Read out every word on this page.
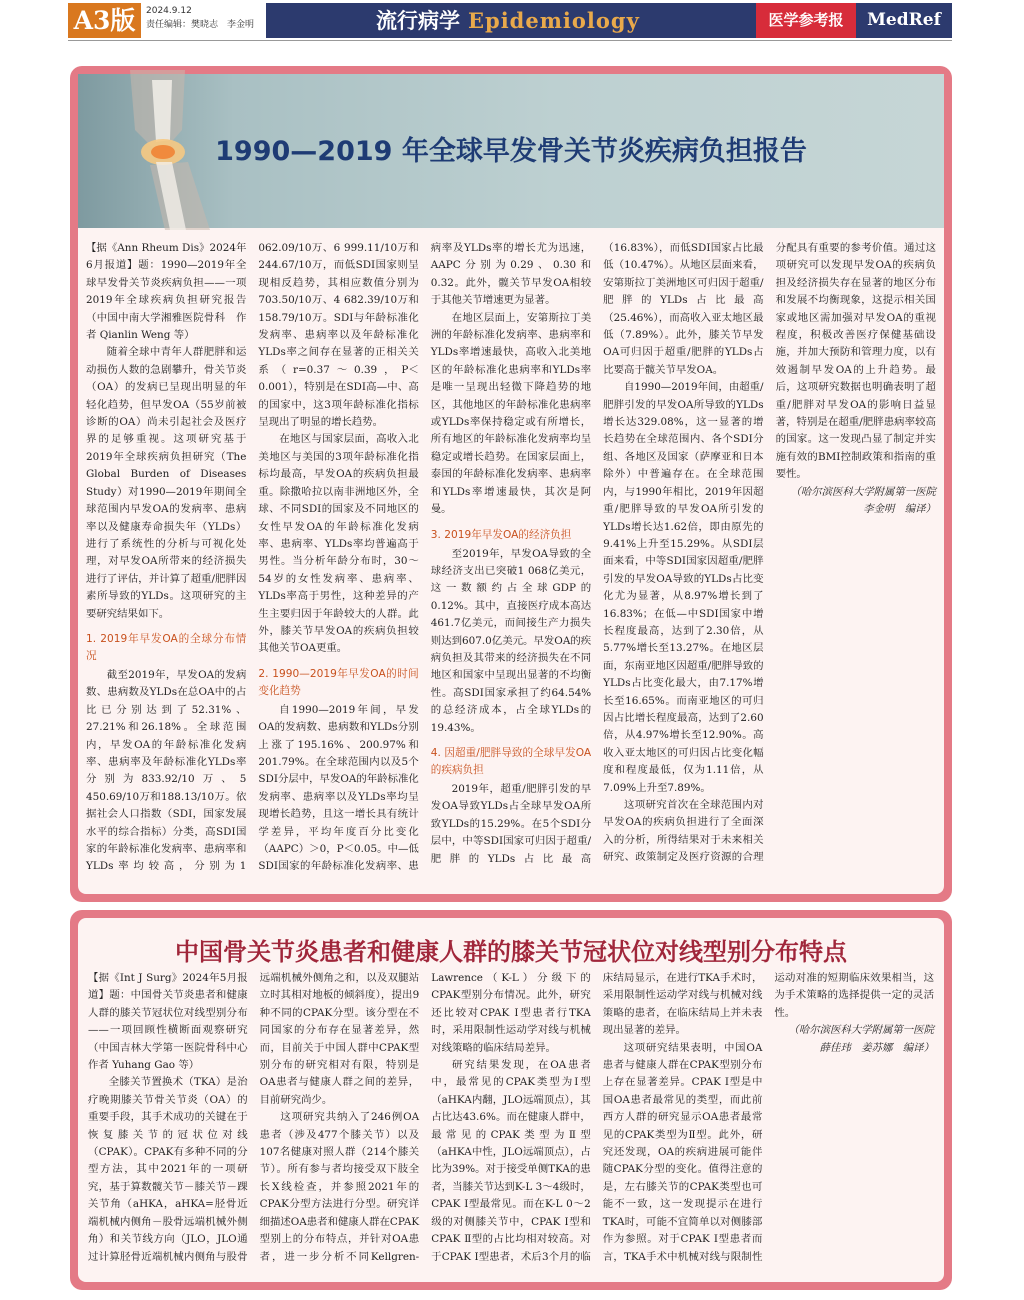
A3版	2024.9.12
责任编辑：樊晓志　李金明	流行病学 Epidemiology	医学参考报	MedRef
1990—2019 年全球早发骨关节炎疾病负担报告

【据《Ann Rheum Dis》2024年6月报道】题：1990—2019年全球早发骨关节炎疾病负担——一项2019年全球疾病负担研究报告（中国中南大学湘雅医院骨科　作者 Qianlin Weng 等）

随着全球中青年人群肥胖和运动损伤人数的急剧攀升，骨关节炎（OA）的发病已呈现出明显的年轻化趋势，但早发OA（55岁前被诊断的OA）尚未引起社会及医疗界的足够重视。这项研究基于2019年全球疾病负担研究（The Global Burden of Diseases Study）对1990—2019年期间全球范围内早发OA的发病率、患病率以及健康寿命损失年（YLDs）进行了系统性的分析与可视化处理，对早发OA所带来的经济损失进行了评估，并计算了超重/肥胖因素所导致的YLDs。这项研究的主要研究结果如下。

1. 2019年早发OA的全球分布情况

截至2019年，早发OA的发病数、患病数及YLDs在总OA中的占比已分别达到了52.31%、27.21%和26.18%。全球范围内，早发OA的年龄标准化发病率、患病率及年龄标准化YLDs率分别为833.92/10万、5 450.69/10万和188.13/10万。依据社会人口指数（SDI，国家发展水平的综合指标）分类，高SDI国家的年龄标准化发病率、患病率和YLDs率均较高，分别为1 062.09/10万、6 999.11/10万和244.67/10万，而低SDI国家则呈现相反趋势，其相应数值分别为703.50/10万、4 682.39/10万和158.79/10万。SDI与年龄标准化发病率、患病率以及年龄标准化YLDs率之间存在显著的正相关关系（r=0.37～0.39，P＜0.001），特别是在SDI高—中、高的国家中，这3项年龄标准化指标呈现出了明显的增长趋势。

在地区与国家层面，高收入北美地区与美国的3项年龄标准化指标均最高，早发OA的疾病负担最重。除撒哈拉以南非洲地区外，全球、不同SDI的国家及不同地区的女性早发OA的年龄标准化发病率、患病率、YLDs率均普遍高于男性。当分析年龄分布时，30～54岁的女性发病率、患病率、YLDs率高于男性，这种差异的产生主要归因于年龄较大的人群。此外，膝关节早发OA的疾病负担较其他关节OA更重。

2. 1990—2019年早发OA的时间变化趋势

自1990—2019年间，早发OA的发病数、患病数和YLDs分别上涨了195.16%、200.97%和201.79%。在全球范围内以及5个SDI分层中，早发OA的年龄标准化发病率、患病率以及YLDs率均呈现增长趋势，且这一增长具有统计学差异，平均年度百分比变化（AAPC）＞0，P＜0.05。中—低SDI国家的年龄标准化发病率、患病率及YLDs率的增长尤为迅速，AAPC分别为0.29、0.30和0.32。此外，髋关节早发OA相较于其他关节增速更为显著。

在地区层面上，安第斯拉丁美洲的年龄标准化发病率、患病率和YLDs率增速最快，高收入北美地区的年龄标准化患病率和YLDs率是唯一呈现出轻微下降趋势的地区，其他地区的年龄标准化患病率或YLDs率保持稳定或有所增长，所有地区的年龄标准化发病率均呈稳定或增长趋势。在国家层面上，泰国的年龄标准化发病率、患病率和YLDs率增速最快，其次是阿曼。

3. 2019年早发OA的经济负担

至2019年，早发OA导致的全球经济支出已突破1 068亿美元，这一数额约占全球GDP的0.12%。其中，直接医疗成本高达461.7亿美元，而间接生产力损失则达到607.0亿美元。早发OA的疾病负担及其带来的经济损失在不同地区和国家中呈现出显著的不均衡性。高SDI国家承担了约64.54%的总经济成本，占全球YLDs的19.43%。

4. 因超重/肥胖导致的全球早发OA的疾病负担

2019年，超重/肥胖引发的早发OA导致YLDs占全球早发OA所致YLDs的15.29%。在5个SDI分层中，中等SDI国家可归因于超重/肥胖的YLDs占比最高（16.83%），而低SDI国家占比最低（10.47%）。从地区层面来看，安第斯拉丁美洲地区可归因于超重/肥胖的YLDs占比最高（25.46%），而高收入亚太地区最低（7.89%）。此外，膝关节早发OA可归因于超重/肥胖的YLDs占比要高于髋关节早发OA。

自1990—2019年间，由超重/肥胖引发的早发OA所导致的YLDs增长达329.08%，这一显著的增长趋势在全球范围内、各个SDI分组、各地区及国家（萨摩亚和日本除外）中普遍存在。在全球范围内，与1990年相比，2019年因超重/肥胖导致的早发OA所引发的YLDs增长达1.62倍，即由原先的9.41%上升至15.29%。从SDI层面来看，中等SDI国家因超重/肥胖引发的早发OA导致的YLDs占比变化尤为显著，从8.97%增长到了16.83%；在低—中SDI国家中增长程度最高，达到了2.30倍，从5.77%增长至13.27%。在地区层面，东南亚地区因超重/肥胖导致的YLDs占比变化最大，由7.17%增长至16.65%。而南亚地区的可归因占比增长程度最高，达到了2.60倍，从4.97%增长至12.90%。高收入亚太地区的可归因占比变化幅度和程度最低，仅为1.11倍，从7.09%上升至7.89%。

这项研究首次在全球范围内对早发OA的疾病负担进行了全面深入的分析，所得结果对于未来相关研究、政策制定及医疗资源的合理分配具有重要的参考价值。通过这项研究可以发现早发OA的疾病负担及经济损失存在显著的地区分布和发展不均衡现象，这提示相关国家或地区需加强对早发OA的重视程度，积极改善医疗保健基础设施，并加大预防和管理力度，以有效遏制早发OA的上升趋势。最后，这项研究数据也明确表明了超重/肥胖对早发OA的影响日益显著，特别是在超重/肥胖患病率较高的国家。这一发现凸显了制定并实施有效的BMI控制政策和指南的重要性。

（哈尔滨医科大学附属第一医院　李金明　编译）

中国骨关节炎患者和健康人群的膝关节冠状位对线型别分布特点

【据《Int J Surg》2024年5月报道】题：中国骨关节炎患者和健康人群的膝关节冠状位对线型别分布——一项回顾性横断面观察研究（中国吉林大学第一医院骨科中心　作者 Yuhang Gao 等）

全膝关节置换术（TKA）是治疗晚期膝关节骨关节炎（OA）的重要手段，其手术成功的关键在于恢复膝关节的冠状位对线（CPAK）。CPAK有多种不同的分型方法，其中2021年的一项研究，基于算数髋关节－膝关节－踝关节角（aHKA，aHKA=胫骨近端机械内侧角－股骨远端机械外侧角）和关节线方向（JLO，JLO通过计算胫骨近端机械内侧角与股骨远端机械外侧角之和，以及双腿站立时其相对地板的倾斜度），提出9种不同的CPAK分型。该分型在不同国家的分布存在显著差异，然而，目前关于中国人群中CPAK型别分布的研究相对有限，特别是OA患者与健康人群之间的差异，目前研究尚少。

这项研究共纳入了246例OA患者（涉及477个膝关节）以及107名健康对照人群（214个膝关节）。所有参与者均接受双下肢全长X线检查，并参照2021年的CPAK分型方法进行分型。研究详细描述OA患者和健康人群在CPAK型别上的分布特点，并针对OA患者，进一步分析不同Kellgren-Lawrence（K-L）分级下的CPAK型别分布情况。此外，研究还比较对CPAK Ⅰ型患者行TKA时，采用限制性运动学对线与机械对线策略的临床结局差异。

研究结果发现，在OA患者中，最常见的CPAK类型为Ⅰ型（aHKA内翻，JLO远端顶点），其占比达43.6%。而在健康人群中，最常见的CPAK类型为Ⅱ型（aHKA中性，JLO远端顶点），占比为39%。对于接受单侧TKA的患者，当膝关节达到K-L 3～4级时，CPAK Ⅰ型最常见。而在K-L 0～2级的对侧膝关节中，CPAK Ⅰ型和CPAK Ⅱ型的占比均相对较高。对于CPAK Ⅰ型患者，术后3个月的临床结局显示，在进行TKA手术时，采用限制性运动学对线与机械对线策略的患者，在临床结局上并未表现出显著的差异。

这项研究结果表明，中国OA患者与健康人群在CPAK型别分布上存在显著差异。CPAK Ⅰ型是中国OA患者最常见的类型，而此前西方人群的研究显示OA患者最常见的CPAK类型为Ⅱ型。此外，研究还发现，OA的疾病进展可能伴随CPAK分型的变化。值得注意的是，左右膝关节的CPAK类型也可能不一致，这一发现提示在进行TKA时，可能不宜简单以对侧膝部作为参照。对于CPAK Ⅰ型患者而言，TKA手术中机械对线与限制性运动对准的短期临床效果相当，这为手术策略的选择提供一定的灵活性。

（哈尔滨医科大学附属第一医院　薛佳玮　姜苏娜　编译）
